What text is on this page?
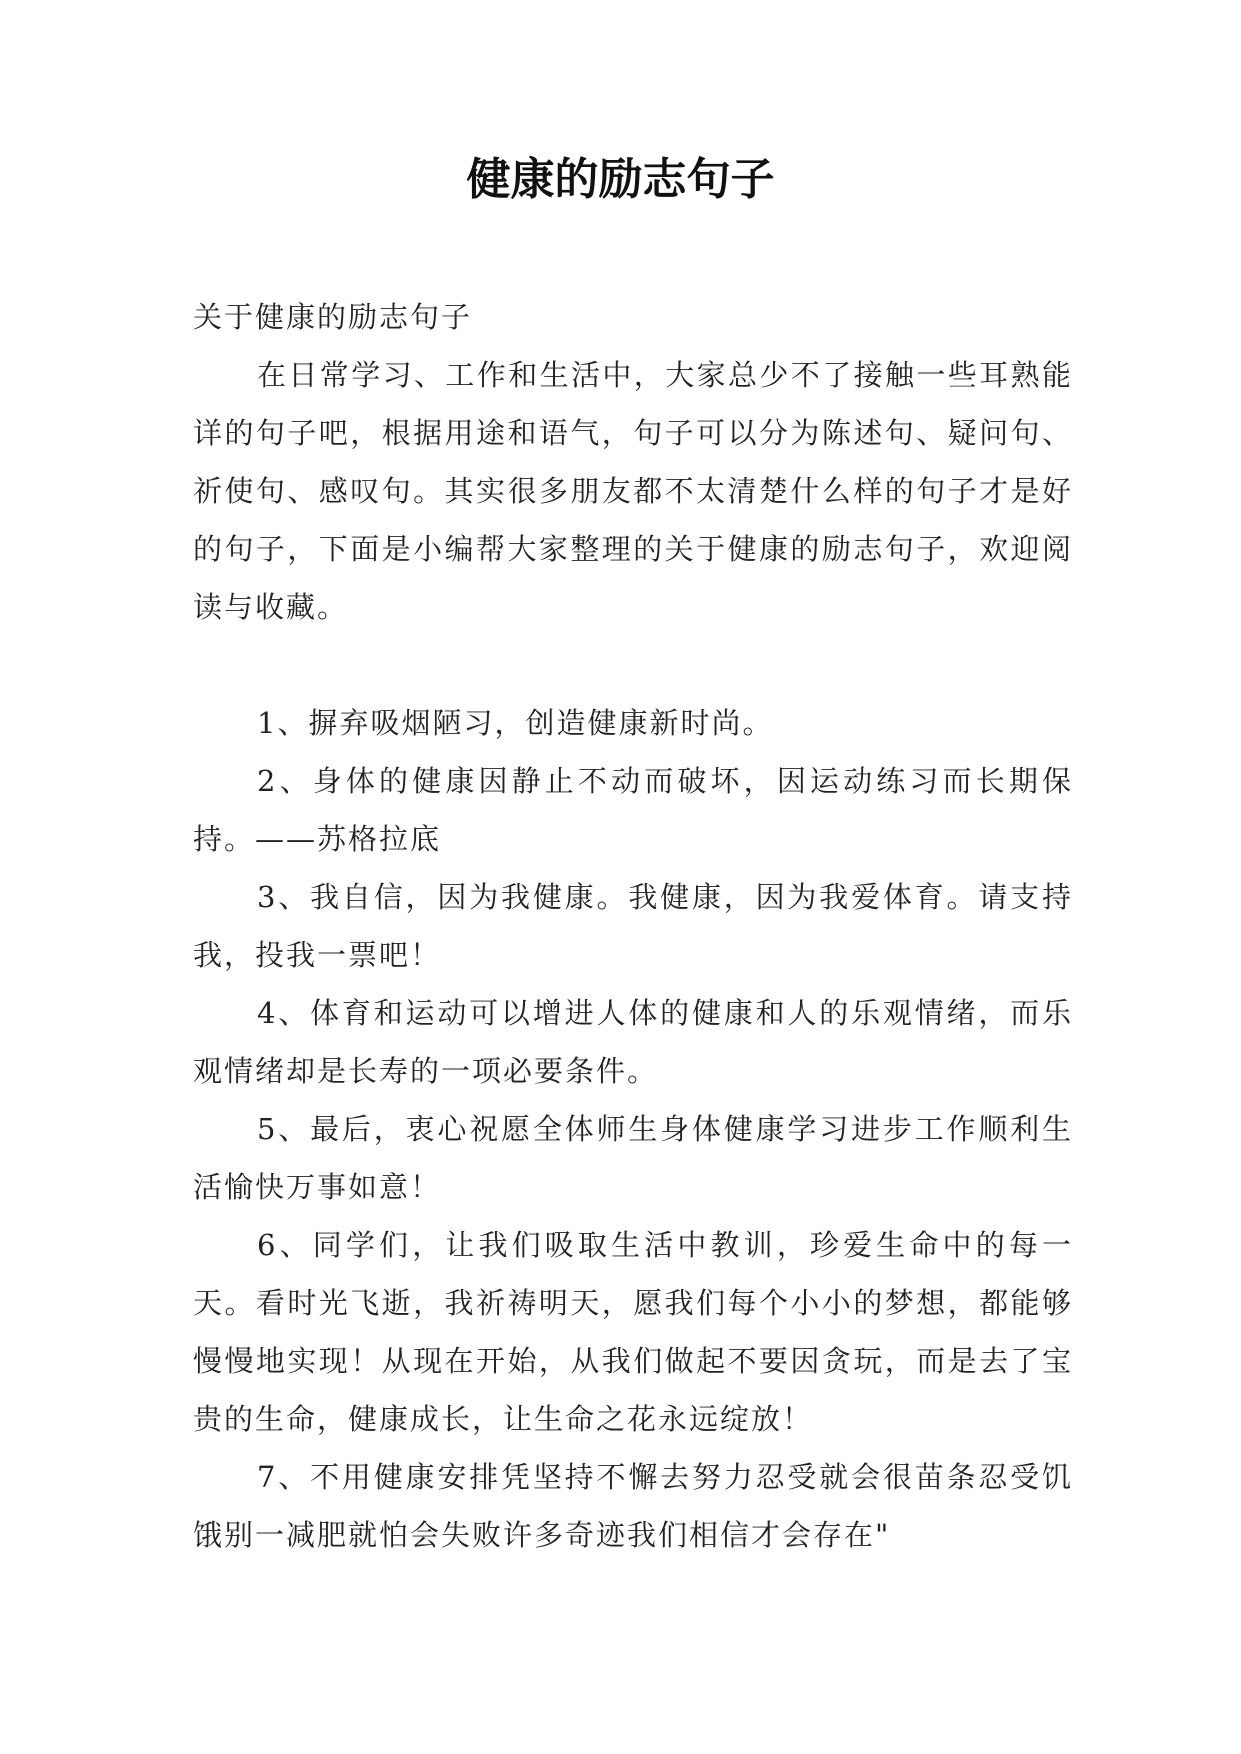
健康的励志句子

关于健康的励志句子

在日常学习、工作和生活中，大家总少不了接触一些耳熟能详的句子吧，根据用途和语气，句子可以分为陈述句、疑问句、祈使句、感叹句。其实很多朋友都不太清楚什么样的句子才是好的句子，下面是小编帮大家整理的关于健康的励志句子，欢迎阅读与收藏。

1、摒弃吸烟陋习，创造健康新时尚。

2、身体的健康因静止不动而破坏，因运动练习而长期保持。——苏格拉底

3、我自信，因为我健康。我健康，因为我爱体育。请支持我，投我一票吧！

4、体育和运动可以增进人体的健康和人的乐观情绪，而乐观情绪却是长寿的一项必要条件。

5、最后，衷心祝愿全体师生身体健康学习进步工作顺利生活愉快万事如意！

6、同学们，让我们吸取生活中教训，珍爱生命中的每一天。看时光飞逝，我祈祷明天，愿我们每个小小的梦想，都能够慢慢地实现！从现在开始，从我们做起不要因贪玩，而是去了宝贵的生命，健康成长，让生命之花永远绽放！

7、不用健康安排凭坚持不懈去努力忍受就会很苗条忍受饥饿别一减肥就怕会失败许多奇迹我们相信才会存在"
